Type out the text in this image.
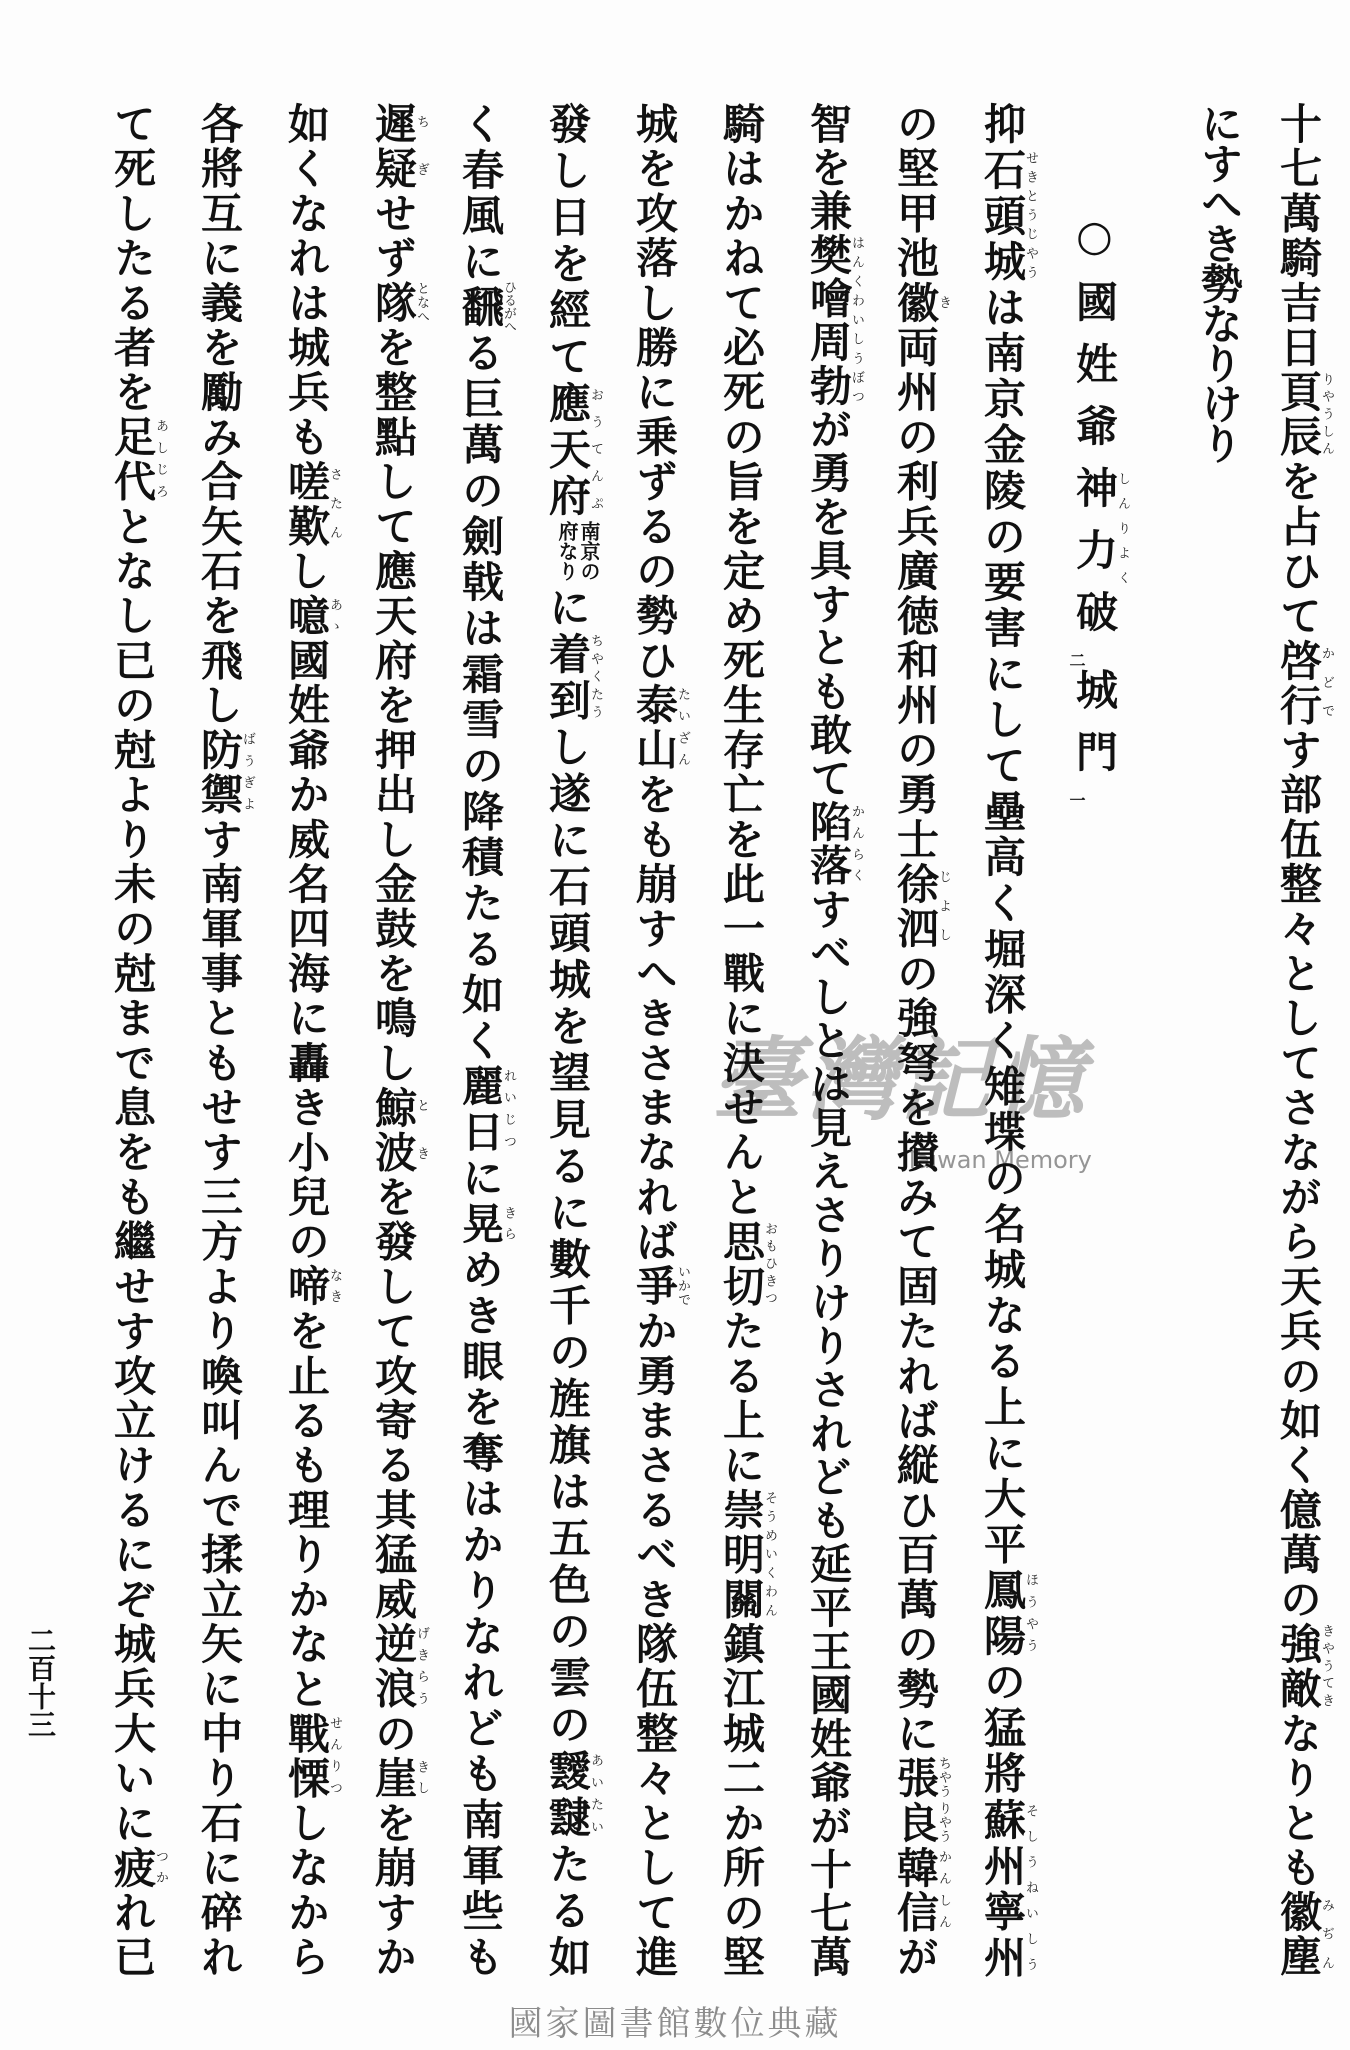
二百十三
臺灣記憶
Taiwan Memory
國家圖書館數位典藏
十七萬騎吉日頁辰りやうしんを占ひて啓行かどです部伍整々としてさながら天兵の如く億萬の強敵きやうてきなりとも徽塵みぢん
にすへき勢なりけり
○國姓爺神力しんりよく破二城門一
抑石頭城せきとうじやうは南京金陵の要害にして壘高く堀深く雉堞の名城なる上に大平鳳陽ほうやうの猛將蘇州寧州そしうねいしう
の堅甲池徽き両州の利兵廣徳和州の勇士徐泗じよしの強弩を攅みて固たれば縦ひ百萬の勢に張ちやう良りやう韓信かんしんが
智を兼樊噲周勃はんくわいしうぼつが勇を具すとも敢て陷落かんらくすべしとは見えさりけりされども延平王國姓爺が十七萬
騎はかねて必死の旨を定め死生存亡を此一戰に決せんと思切おもひきつたる上に崇明關そうめいくわん鎮江城二か所の堅
城を攻落し勝に乗ずるの勢ひ泰山たいざんをも崩すへきさまなれば爭いかでか勇まさるべき隊伍整々として進
發し日を經て應天府おうてんぷ
南京の
府なり
に着到ちやくたうし遂に石頭城を望見るに數千の旌旗は五色の雲の靉靆あいたいたる如
く春風に飜ひるがへる巨萬の劍戟は霜雪の降積たる如く麗日れいじつに晃きらめき眼を奪はかりなれども南軍些も
遲疑ちぎせず隊となへを整點して應天府を押出し金鼓を鳴し鯨波ときを發して攻寄る其猛威逆浪げきらうの崖きしを崩すか
如くなれは城兵も嗟歎さたんし噫あゝ國姓爺か威名四海に轟き小兒の啼なきを止るも理りかなと戰慄せんりつしなから
各將互に義を勵み合矢石を飛し防禦ばうぎよす南軍事ともせす三方より喚叫んで揉立矢に中り石に碎れ
て死したる者を足代あしじろとなし已の尅より未の尅まで息をも繼せす攻立けるにぞ城兵大いに疲つかれ已
